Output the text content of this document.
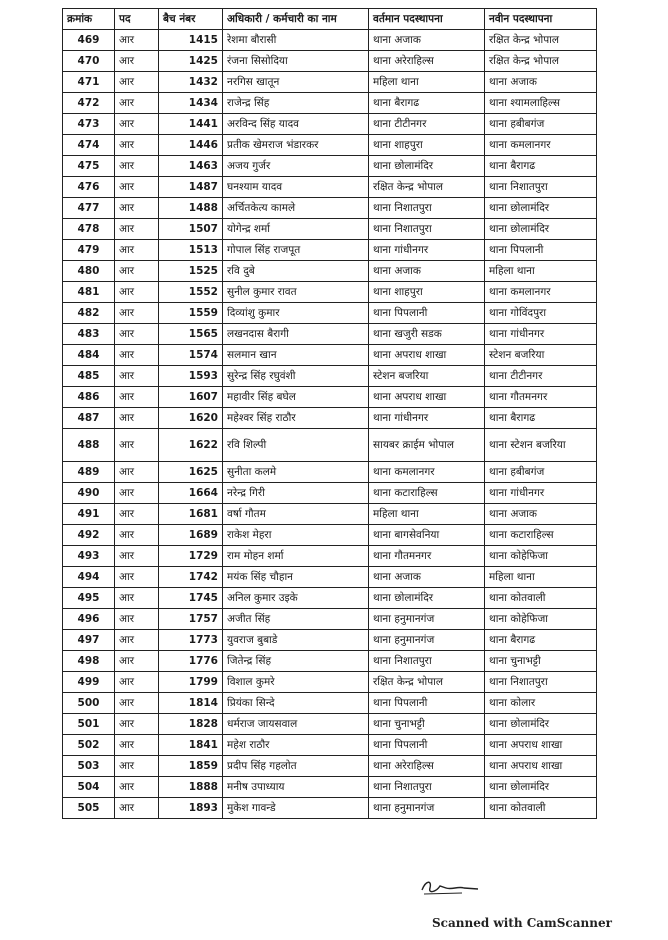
क्रमांक	पद	बैच नंबर	अधिकारी / कर्मचारी का नाम	वर्तमान पदस्थापना	नवीन पदस्थापना
469	आर	1415	रेशमा बौरासी	थाना अजाक	रक्षित केन्द्र भोपाल
470	आर	1425	रंजना सिसोदिया	थाना अरेराहिल्स	रक्षित केन्द्र भोपाल
471	आर	1432	नरगिस खातून	महिला थाना	थाना अजाक
472	आर	1434	राजेन्द्र सिंह	थाना बैरागढ	थाना श्यामलाहिल्स
473	आर	1441	अरविन्द सिंह यादव	थाना टीटीनगर	थाना हबीबगंज
474	आर	1446	प्रतीक खेमराज भंडारकर	थाना शाहपुरा	थाना कमलानगर
475	आर	1463	अजय गुर्जर	थाना छोलामंदिर	थाना बैरागढ
476	आर	1487	घनश्याम यादव	रक्षित केन्द्र भोपाल	थाना निशातपुरा
477	आर	1488	अर्चितकेत्य कामले	थाना निशातपुरा	थाना छोलामंदिर
478	आर	1507	योगेन्द्र शर्मा	थाना निशातपुरा	थाना छोलामंदिर
479	आर	1513	गोपाल सिंह राजपूत	थाना गांधीनगर	थाना पिपलानी
480	आर	1525	रवि दुबे	थाना अजाक	महिला थाना
481	आर	1552	सुनील कुमार रावत	थाना शाहपुरा	थाना कमलानगर
482	आर	1559	दिव्यांशु कुमार	थाना पिपलानी	थाना गोविंदपुरा
483	आर	1565	लखनदास बैरागी	थाना खजुरी सडक	थाना गांधीनगर
484	आर	1574	सलमान खान	थाना अपराध शाखा	स्टेशन बजरिया
485	आर	1593	सुरेन्द्र सिंह रघुवंशी	स्टेशन बजरिया	थाना टीटीनगर
486	आर	1607	महावीर सिंह बघेल	थाना अपराध शाखा	थाना गौतमनगर
487	आर	1620	महेश्वर सिंह राठौर	थाना गांधीनगर	थाना बैरागढ
488	आर	1622	रवि शिल्पी	सायबर क्राईम भोपाल	थाना स्टेशन बजरिया
489	आर	1625	सुनीता कलमे	थाना कमलानगर	थाना हबीबगंज
490	आर	1664	नरेन्द्र गिरी	थाना कटाराहिल्स	थाना गांधीनगर
491	आर	1681	वर्षा गौतम	महिला थाना	थाना अजाक
492	आर	1689	राकेश मेहरा	थाना बागसेवनिया	थाना कटाराहिल्स
493	आर	1729	राम मोहन शर्मा	थाना गौतमनगर	थाना कोहेफिजा
494	आर	1742	मयंक सिंह चौहान	थाना अजाक	महिला थाना
495	आर	1745	अनिल कुमार उइके	थाना छोलामंदिर	थाना कोतवाली
496	आर	1757	अजीत सिंह	थाना हनुमानगंज	थाना कोहेफिजा
497	आर	1773	युवराज बुबाडे	थाना हनुमानगंज	थाना बैरागढ
498	आर	1776	जितेन्द्र सिंह	थाना निशातपुरा	थाना चुनाभट्टी
499	आर	1799	विशाल कुमरे	रक्षित केन्द्र भोपाल	थाना निशातपुरा
500	आर	1814	प्रियंका सिन्दे	थाना पिपलानी	थाना कोलार
501	आर	1828	धर्मराज जायसवाल	थाना चुनाभट्टी	थाना छोलामंदिर
502	आर	1841	महेश राठौर	थाना पिपलानी	थाना अपराध शाखा
503	आर	1859	प्रदीप सिंह गहलोत	थाना अरेराहिल्स	थाना अपराध शाखा
504	आर	1888	मनीष उपाध्याय	थाना निशातपुरा	थाना छोलामंदिर
505	आर	1893	मुकेश गावन्डे	थाना हनुमानगंज	थाना कोतवाली
Scanned with CamScanner
